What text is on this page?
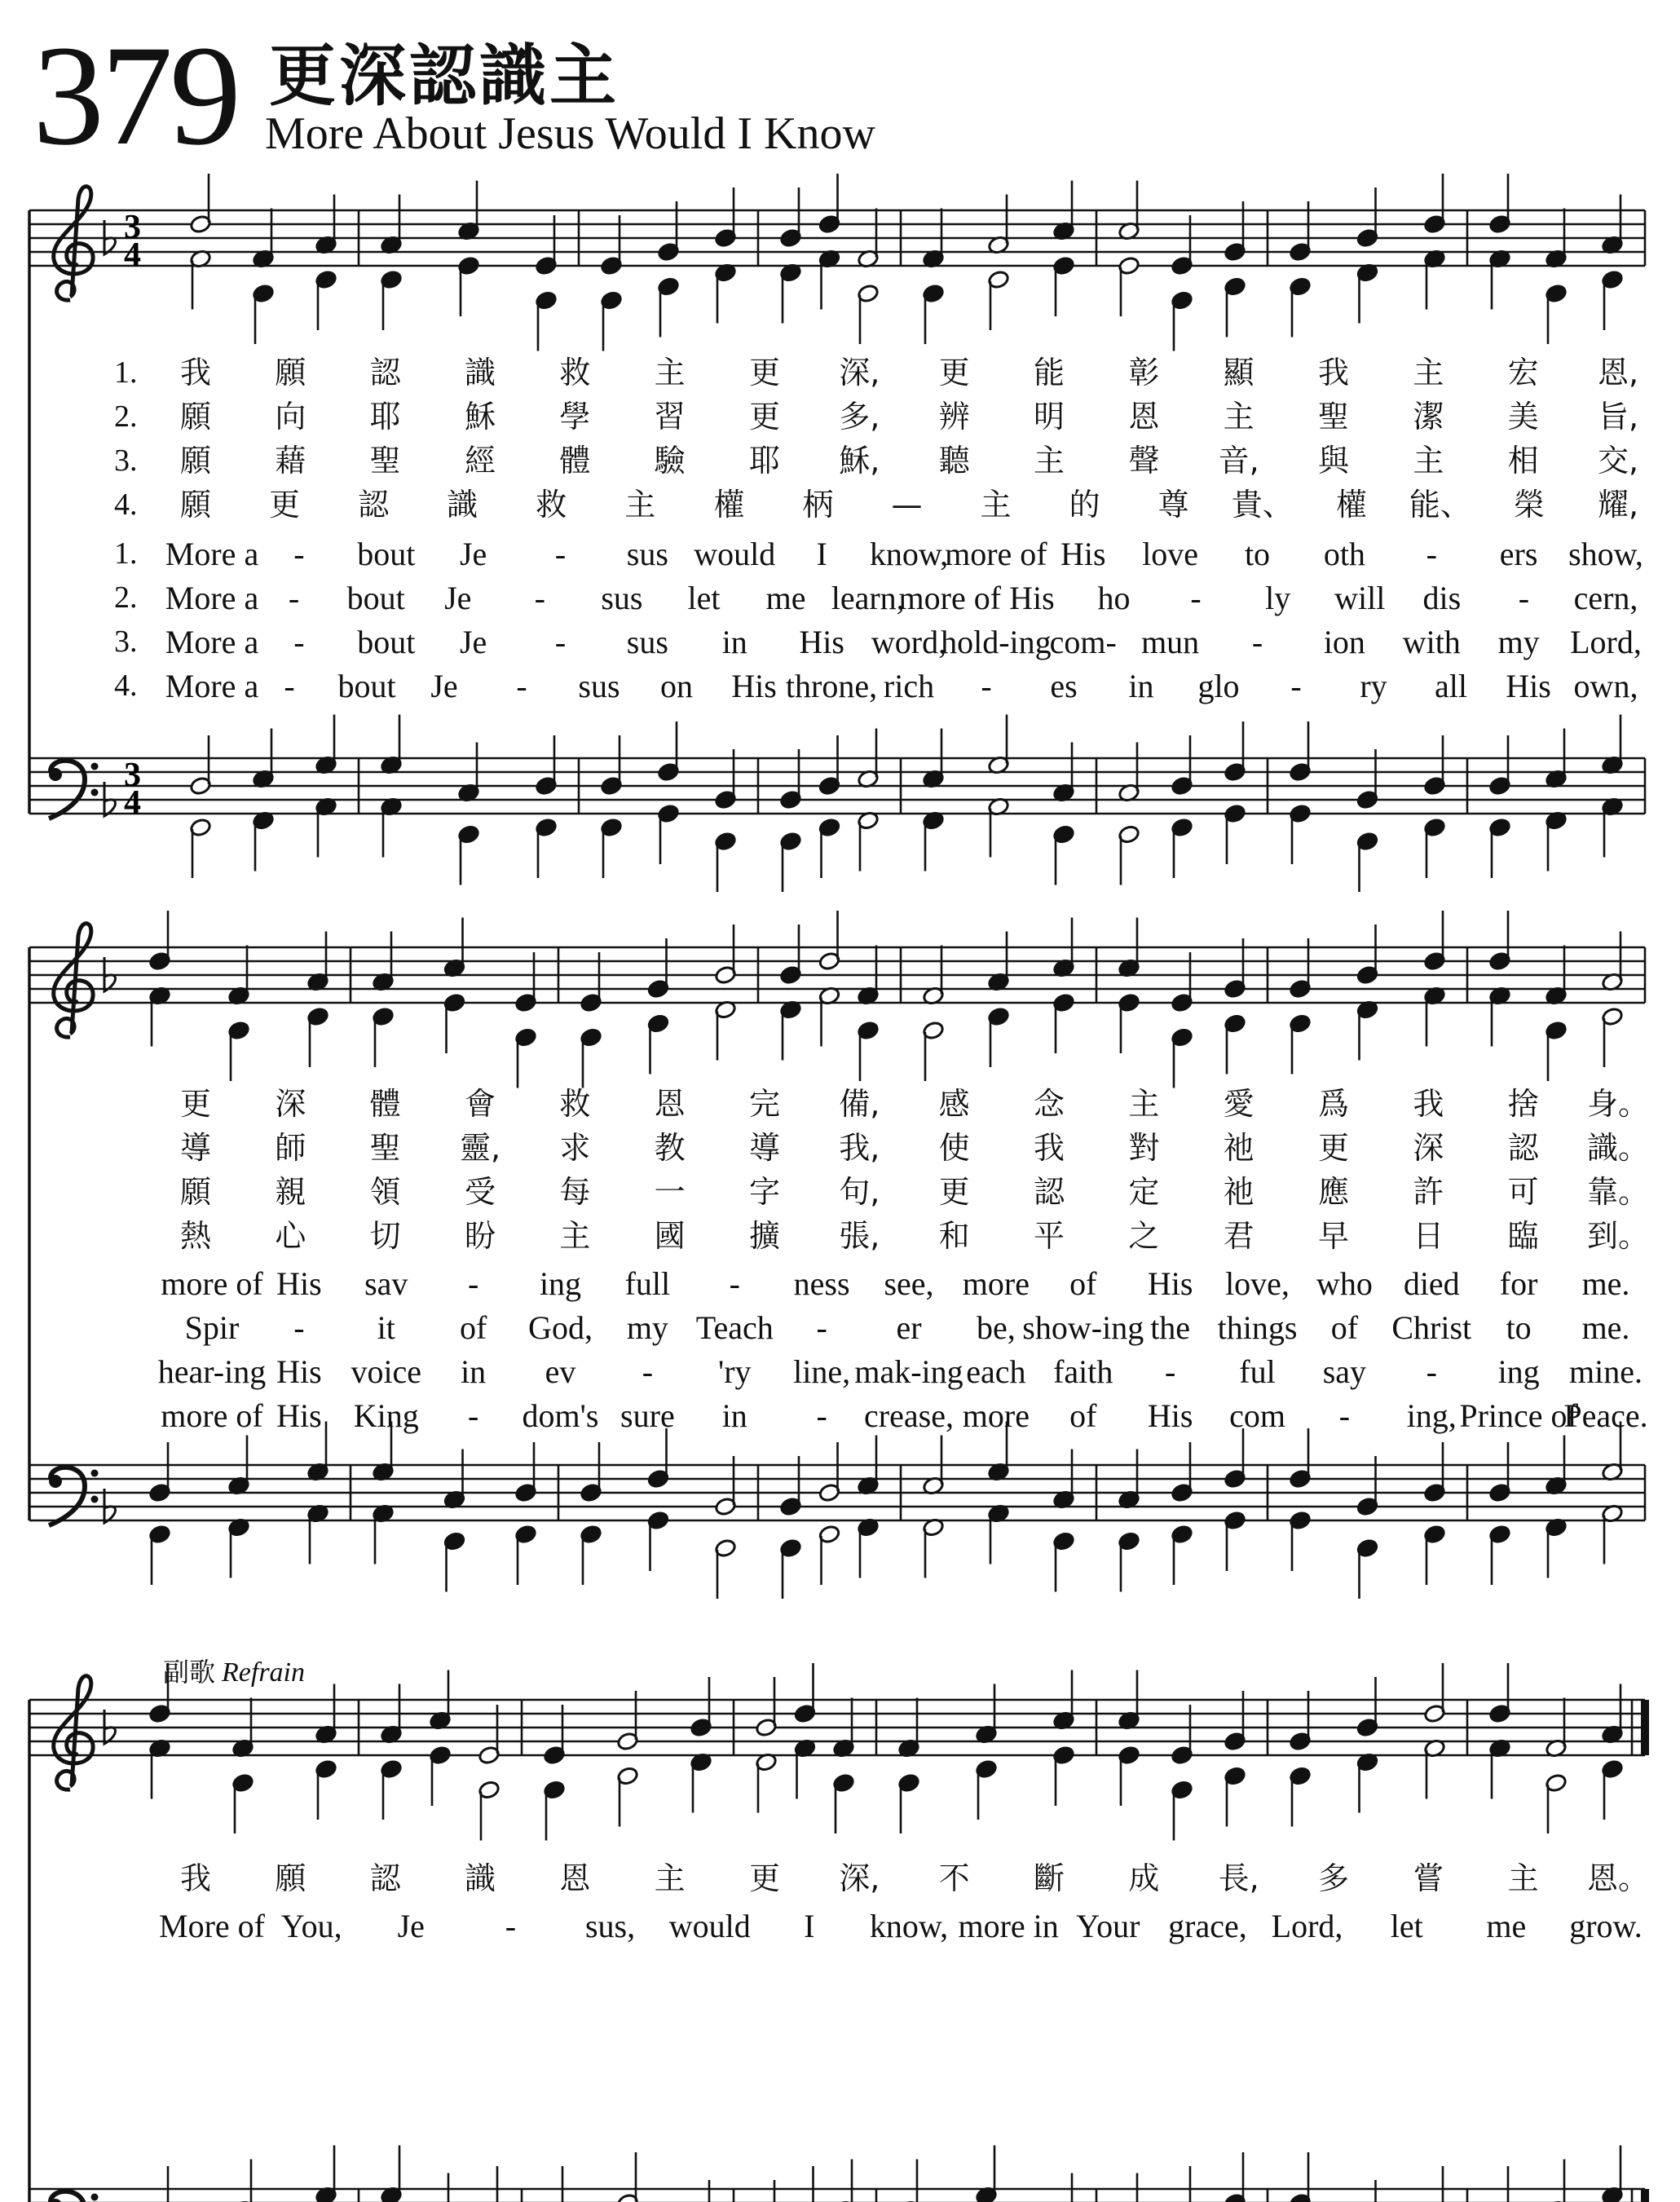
379 更深認識主
More About Jesus Would I Know
副歌 Refrain
3
4
3
4
1. 我 願 認 識 救 主 更 深, 更 能 彰 顯 我 主 宏 恩,
2. 願 向 耶 穌 學 習 更 多, 辨 明 恩 主 聖 潔 美 旨,
3. 願 藉 聖 經 體 驗 耶 穌, 聽 主 聲 音, 與 主 相 交,
4. 願 更 認 識 救 主 權 柄 — 主 的 尊 貴、 權 能、 榮 耀,
1. More a - bout Je - sus would I know,
more of His love to oth - ers show,
2. More a - bout Je - sus let me learn,
more of His ho - ly will dis - cern,
3. More a - bout Je - sus in His word,
hold-ing
com- mun - ion with my Lord,
4. More a - bout Je - sus on His throne, rich - es in glo - ry all His own,
更 深 體 會 救 恩 完 備, 感 念 主 愛 爲 我 捨 身。
導 師 聖 靈, 求 教 導 我, 使 我 對 祂 更 深 認 識。
願 親 領 受 每 一 字 句, 更 認 定 祂 應 許 可 靠。
熱 心 切 盼 主 國 擴 張, 和 平 之 君 早 日 臨 到。
more of His sav - ing full - ness see, more of His love, who died for me.
Spir - it of God, my Teach - er be, show-ing the things of Christ to me.
hear-ing His voice in ev - 'ry line, mak-ing each faith - ful say - ing mine.
more of His King - dom's sure in - crease, more of His com - ing, Prince of
Peace.
我 願 認 識 恩 主 更 深, 不 斷 成 長, 多 嘗 主 恩。
More of You, Je - sus, would I know, more in Your grace, Lord, let me grow.
